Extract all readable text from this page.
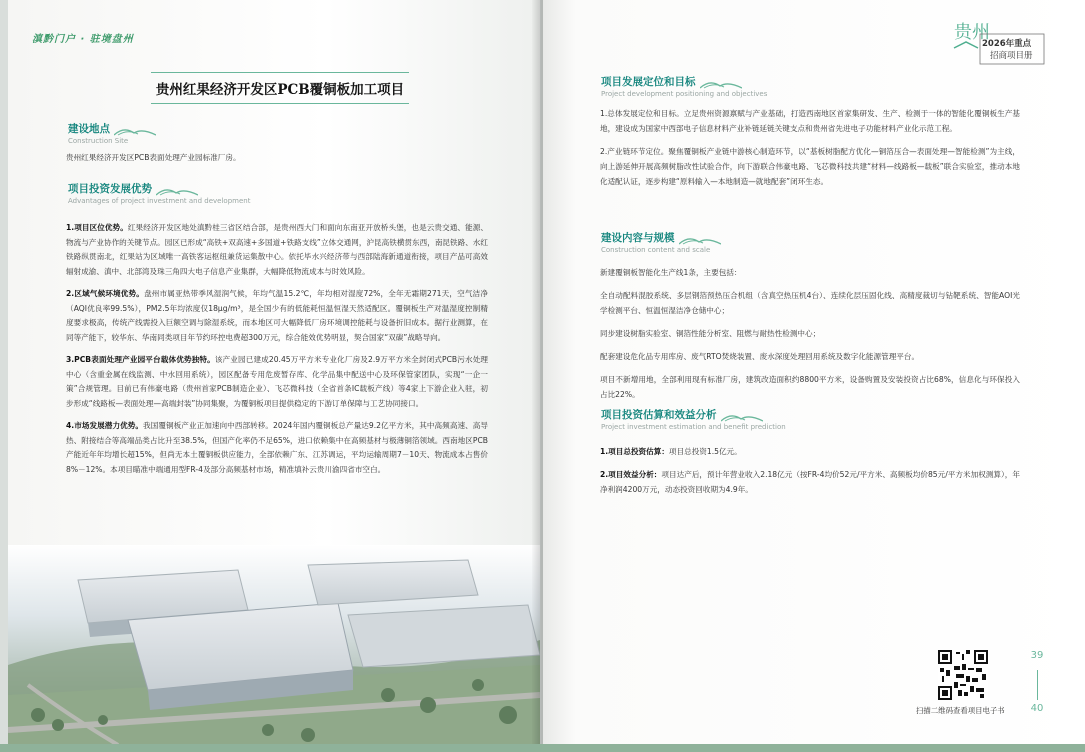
滇黔门户 · 驻境盘州
贵州红果经济开发区PCB覆铜板加工项目
建设地点
Construction Site
贵州红果经济开发区PCB表面处理产业园标准厂房。
项目投资发展优势
Advantages of project investment and development

1.项目区位优势。红果经济开发区地处滇黔桂三省区结合部，是贵州西大门和面向东南亚开放桥头堡，也是云贵交通、能源、物流与产业协作的关键节点。园区已形成“高铁+双高速+多国道+铁路支线”立体交通网，沪昆高铁横贯东西，南昆铁路、水红铁路纵贯南北，红果站为区域唯一高铁客运枢纽兼货运集散中心。依托毕水兴经济带与西部陆海新通道衔接，项目产品可高效辐射成渝、滇中、北部湾及珠三角四大电子信息产业集群，大幅降低物流成本与时效风险。

2.区域气候环境优势。盘州市属亚热带季风湿润气候，年均气温15.2℃，年均相对湿度72%，全年无霜期271天，空气洁净（AQI优良率99.5%），PM2.5年均浓度仅18μg/m³，是全国少有的低能耗恒温恒湿天然适配区。覆铜板生产对温湿度控制精度要求极高，传统产线需投入巨额空调与除湿系统，而本地区可大幅降低厂房环境调控能耗与设备折旧成本。据行业测算，在同等产能下，较华东、华南同类项目年节约环控电费超300万元，综合能效优势明显，契合国家“双碳”战略导向。

3.PCB表面处理产业园平台载体优势独特。该产业园已建成20.45万平方米专业化厂房及2.9万平方米全封闭式PCB污水处理中心（含重金属在线监测、中水回用系统），园区配备专用危废暂存库、化学品集中配送中心及环保管家团队，实现“一企一策”合规管理。目前已有伟豪电路（贵州首家PCB制造企业）、飞芯微科技（全省首条IC载板产线）等4家上下游企业入驻，初步形成“线路板—表面处理—高端封装”协同集聚，为覆铜板项目提供稳定的下游订单保障与工艺协同接口。

4.市场发展潜力优势。我国覆铜板产业正加速向中西部转移。2024年国内覆铜板总产量达9.2亿平方米，其中高频高速、高导热、附接结合等高端品类占比升至38.5%，但国产化率仍不足65%，进口依赖集中在高频基材与极薄铜箔领域。西南地区PCB产能近年年均增长超15%，但尚无本土覆铜板供应能力，全部依赖广东、江苏调运，平均运输周期7－10天、物流成本占售价8%－12%。本项目瞄准中端通用型FR-4及部分高频基材市场，精准填补云贵川渝四省市空白。

贵州
2026年重点
招商项目册
项目发展定位和目标
Project development positioning and objectives

1.总体发展定位和目标。立足贵州资源禀赋与产业基础，打造西南地区首家集研发、生产、检测于一体的智能化覆铜板生产基地，建设成为国家中西部电子信息材料产业补链延链关键支点和贵州省先进电子功能材料产业化示范工程。

2.产业链环节定位。聚焦覆铜板产业链中游核心制造环节，以“基板树脂配方优化—铜箔压合—表面处理—智能检测”为主线，向上游延伸开展高频树脂改性试验合作，向下游联合伟豪电路、飞芯微科技共建“材料—线路板—载板”联合实验室，推动本地化适配认证，逐步构建“原料输入—本地制造—就地配套”闭环生态。

建设内容与规模
Construction content and scale

新建覆铜板智能化生产线1条，主要包括：

全自动配料混胶系统、多层钢箔预热压合机组（含真空热压机4台）、连续化层压固化线、高精度裁切与钻靶系统、智能AOI光学检测平台、恒温恒湿洁净仓储中心；

同步建设树脂实验室、铜箔性能分析室、阻燃与耐热性检测中心；

配套建设危化品专用库房、废气RTO焚烧装置、废水深度处理回用系统及数字化能源管理平台。

项目不新增用地，全部利用现有标准厂房，建筑改造面积约8800平方米，设备购置及安装投资占比68%，信息化与环保投入占比22%。

项目投资估算和效益分析
Project investment estimation and benefit prediction

1.项目总投资估算：项目总投资1.5亿元。

2.项目效益分析：项目达产后，预计年营业收入2.18亿元（按FR-4均价52元/平方米、高频板均价85元/平方米加权测算），年净利润4200万元，动态投资回收期为4.9年。

扫描二维码查看项目电子书
39
40
